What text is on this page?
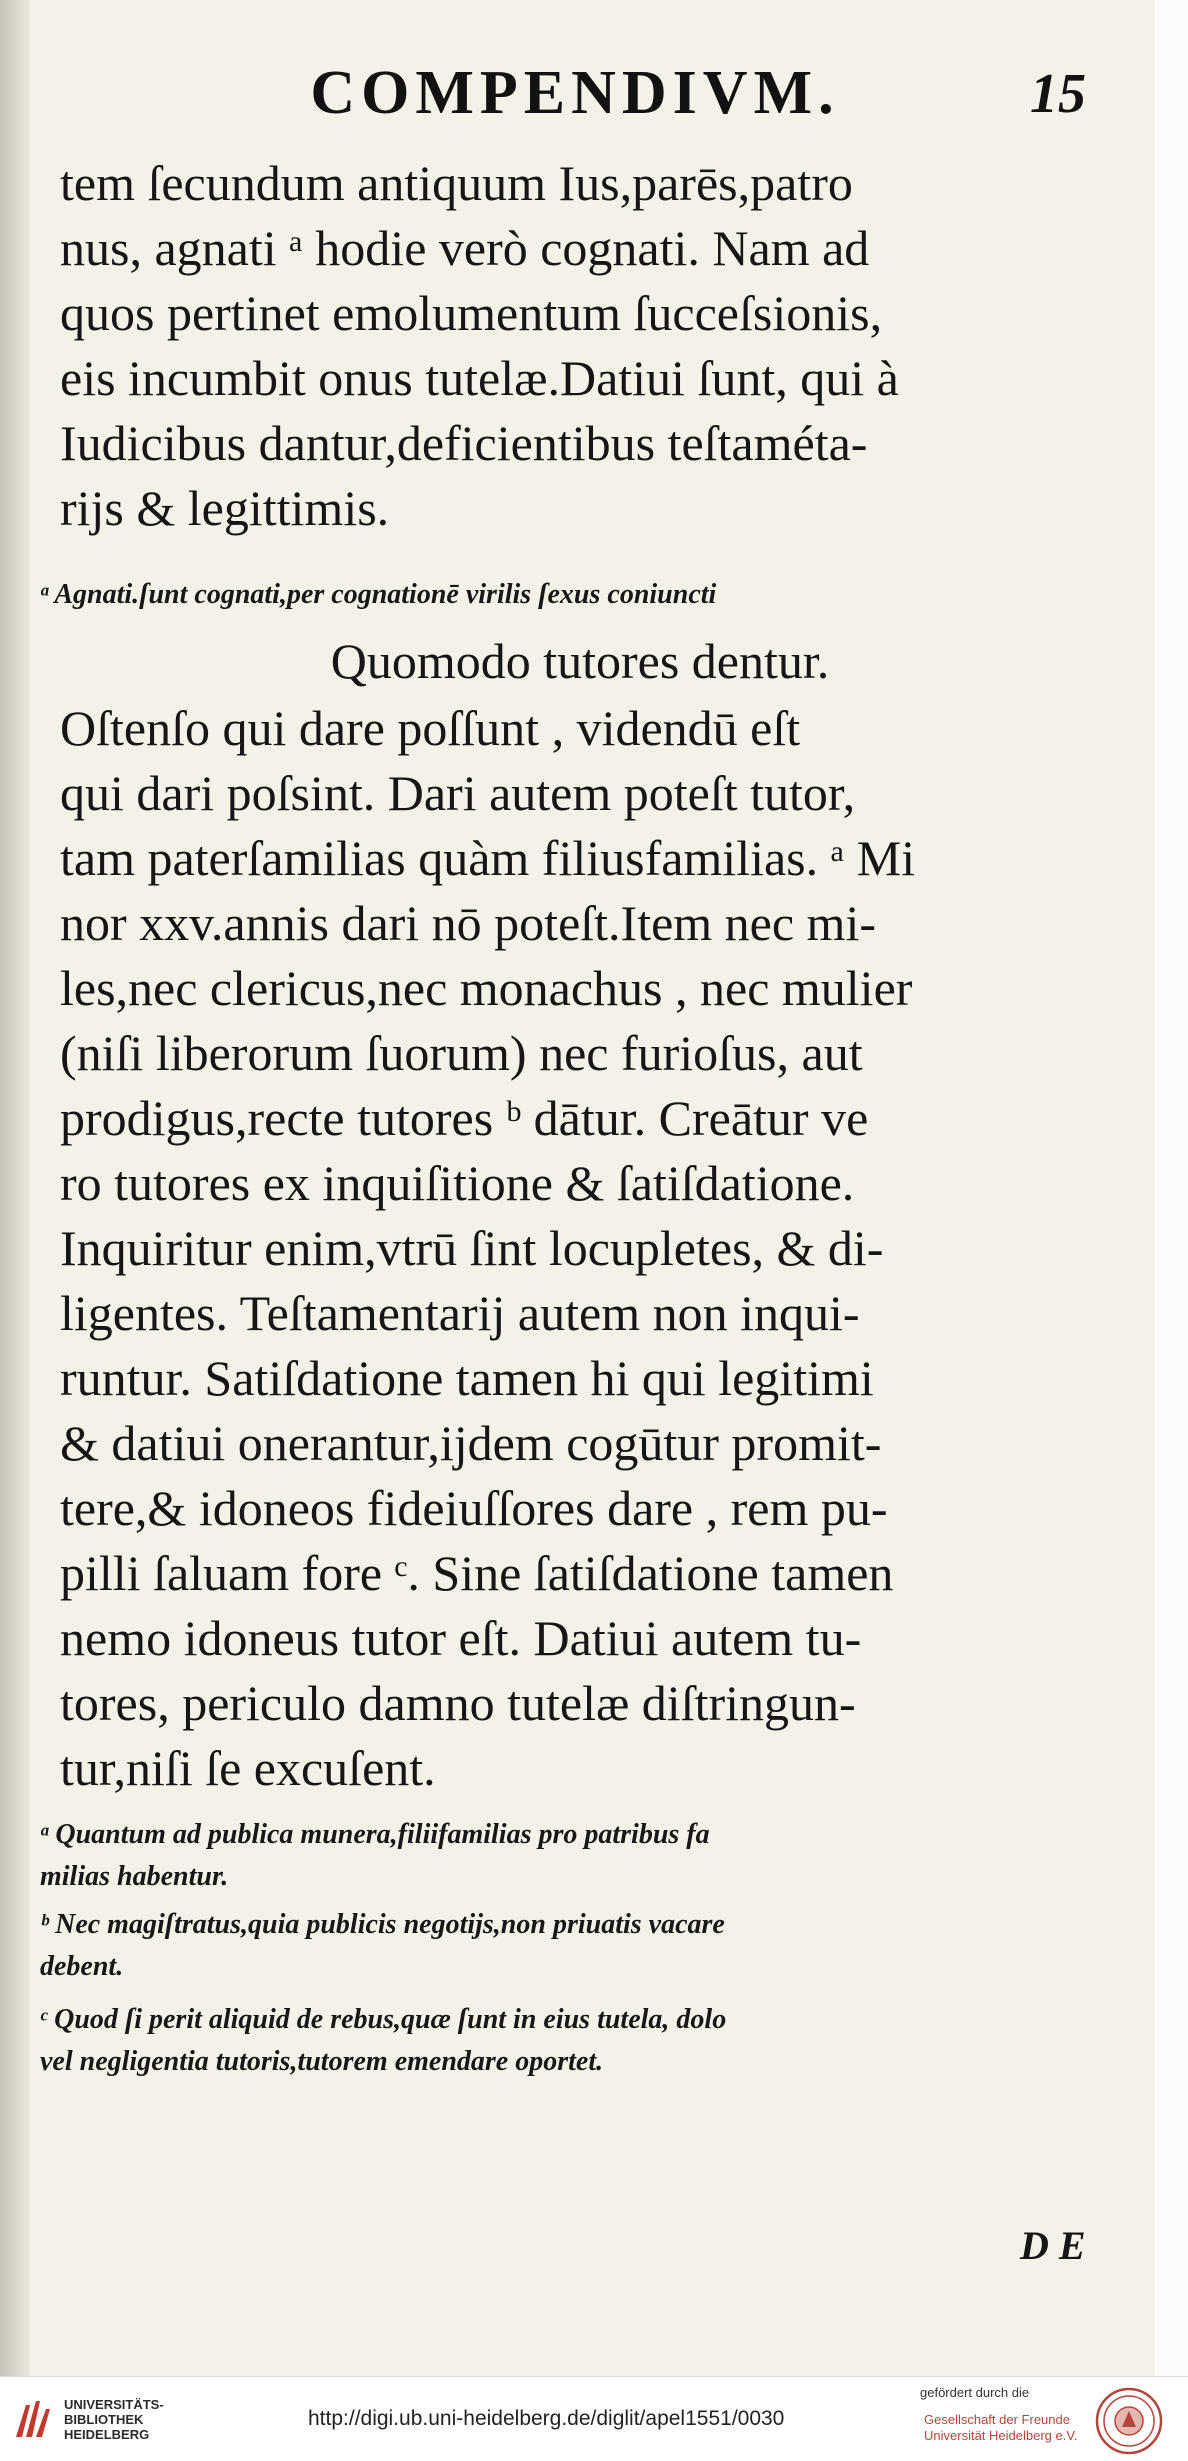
COMPENDIVM.	15
tem ſecundum antiquum Ius,parēs,patro
nus, agnati ᵃ hodie verò cognati. Nam ad
quos pertinet emolumentum ſucceſsionis,
eis incumbit onus tutelæ.Datiui ſunt, qui à
Iudicibus dantur,deficientibus teſtaméta-
rijs & legittimis.
ᵃ Agnati.ſunt cognati,per cognationē virilis ſexus coniuncti
Quomodo tutores dentur.
Oſtenſo qui dare poſſunt , videndū eſt
qui dari poſsint. Dari autem poteſt tutor,
tam paterſamilias quàm filiusfamilias. ᵃ Mi
nor xxv.annis dari nō poteſt.Item nec mi-
les,nec clericus,nec monachus , nec mulier
(niſi liberorum ſuorum) nec furioſus, aut
prodigus,recte tutores ᵇ dātur. Creātur ve
ro tutores ex inquiſitione & ſatiſdatione.
Inquiritur enim,vtrū ſint locupletes, & di-
ligentes. Teſtamentarij autem non inqui-
runtur. Satiſdatione tamen hi qui legitimi
& datiui onerantur,ijdem cogūtur promit-
tere,& idoneos fideiuſſores dare , rem pu-
pilli ſaluam fore ᶜ. Sine ſatiſdatione tamen
nemo idoneus tutor eſt. Datiui autem tu-
tores, periculo damno tutelæ diſtringun-
tur,niſi ſe excuſent.
ᵃ Quantum ad publica munera,filiifamilias pro patribus fa
milias habentur.
ᵇ Nec magiſtratus,quia publicis negotijs,non priuatis vacare
debent.
ᶜ Quod ſi perit aliquid de rebus,quæ ſunt in eius tutela, dolo
vel negligentia tutoris,tutorem emendare oportet.
D E
UNIVERSITÄTS-
BIBLIOTHEK
HEIDELBERG
http://digi.ub.uni-heidelberg.de/diglit/apel1551/0030
gefördert durch die
Gesellschaft der Freunde
Universität Heidelberg e.V.
